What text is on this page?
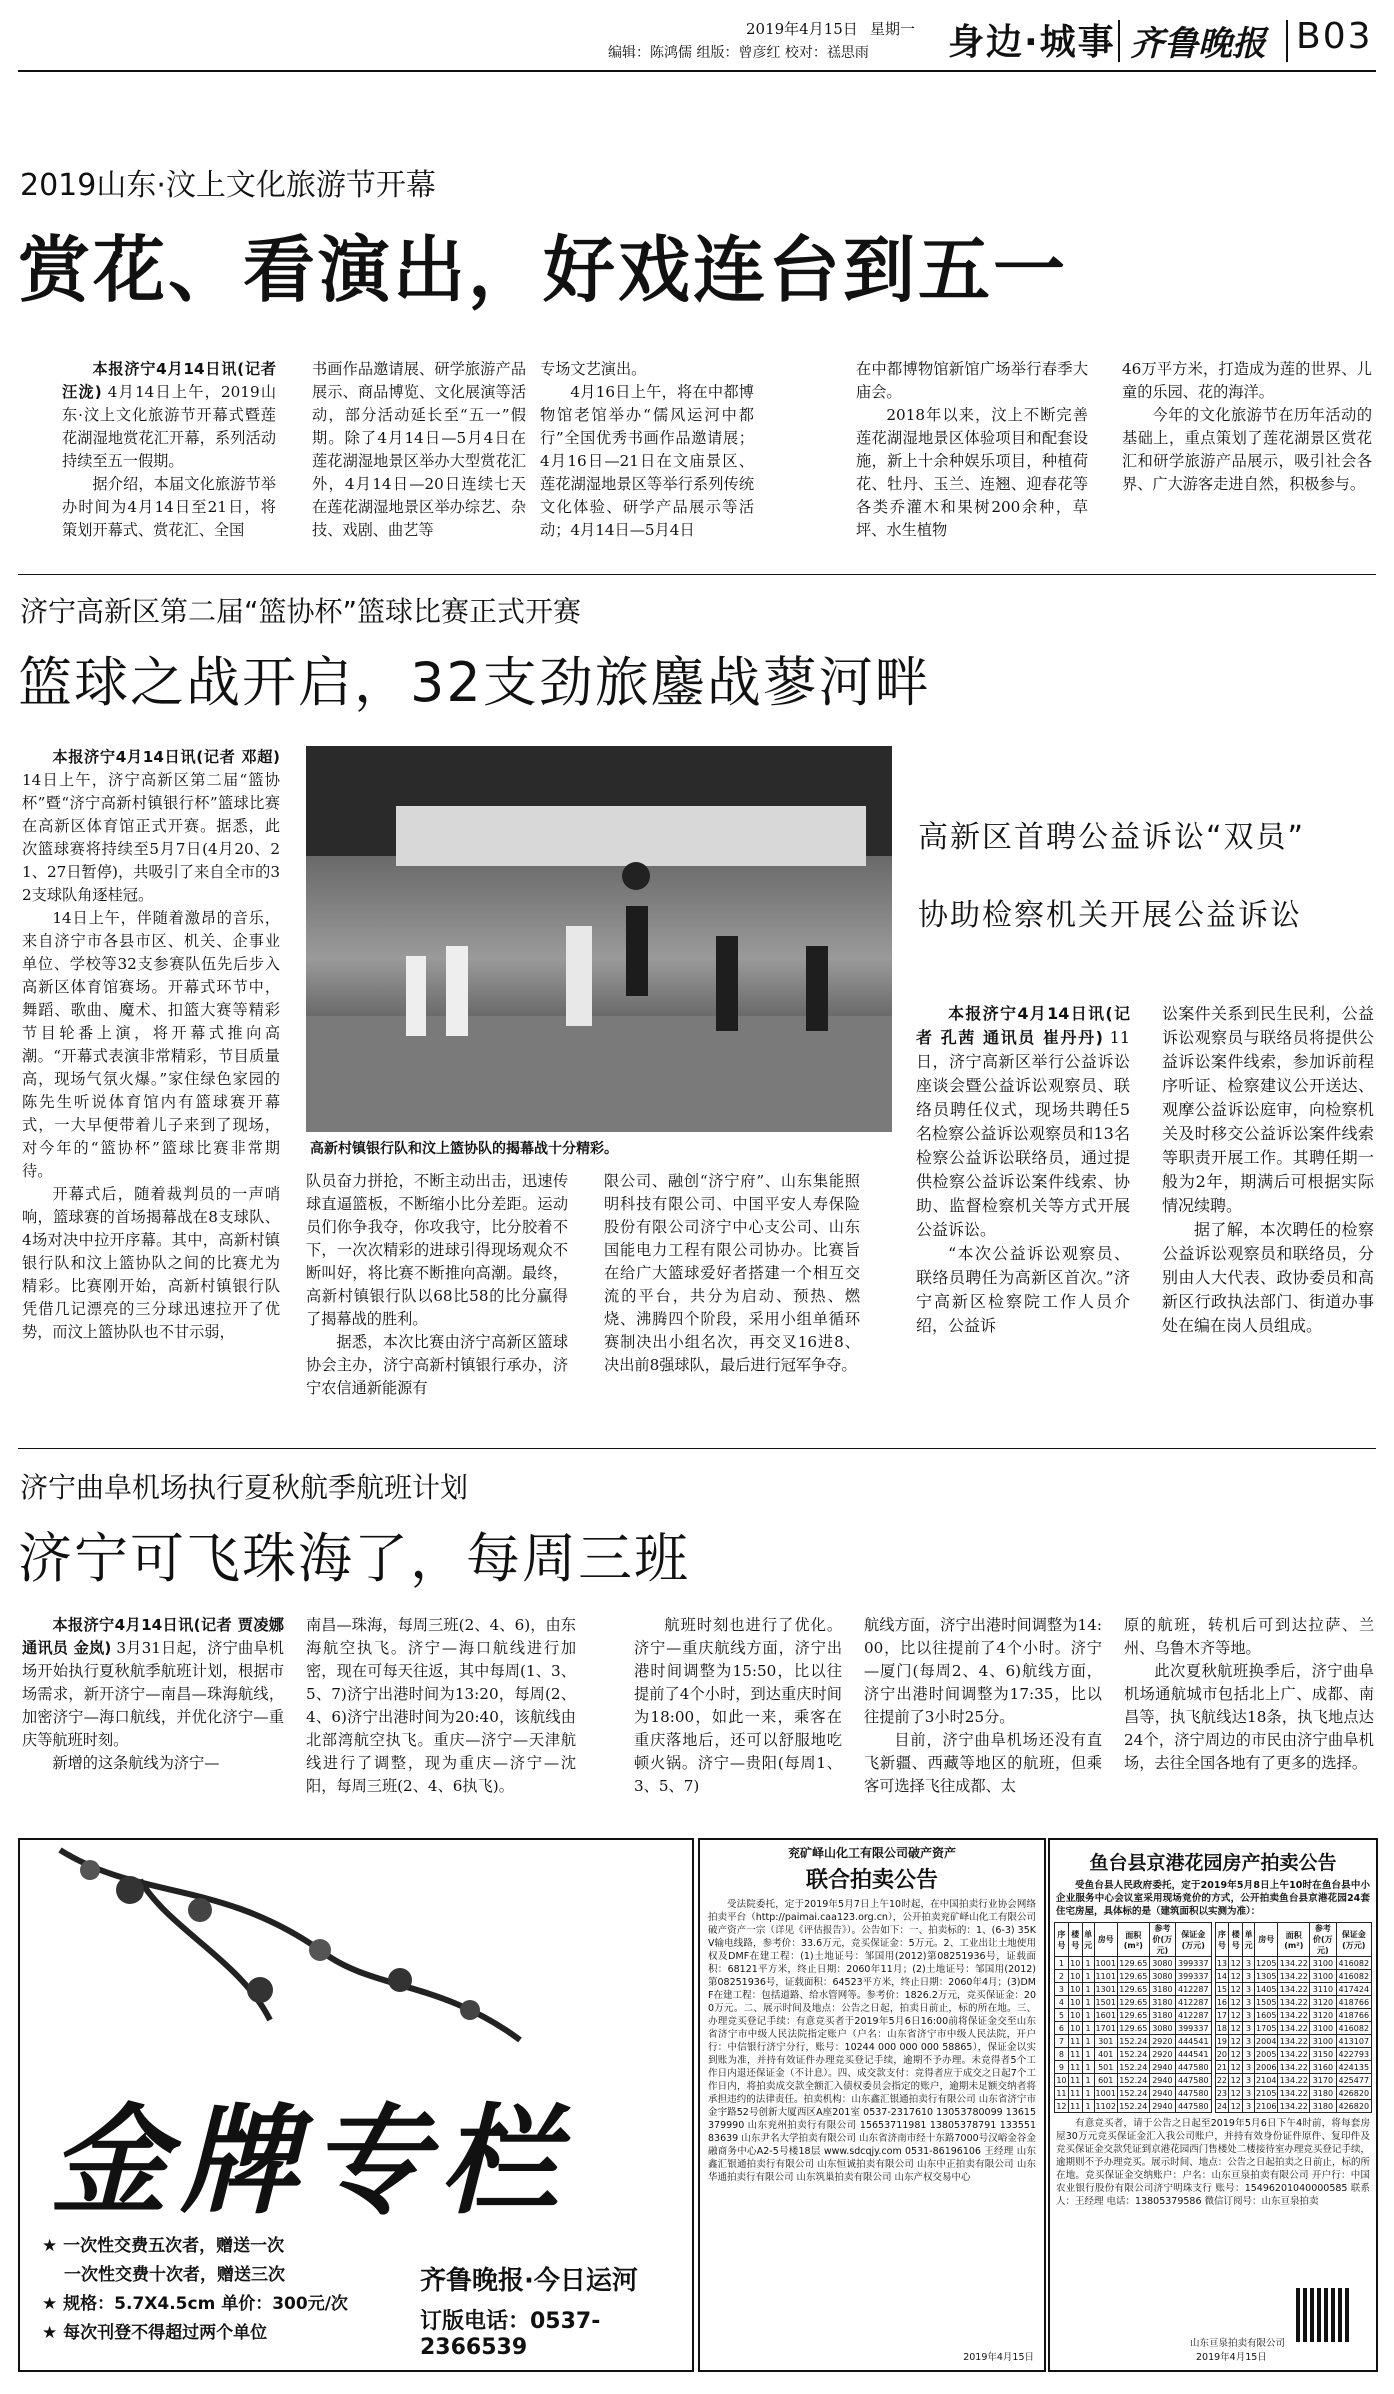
2019年4月15日 星期一
编辑：陈鸿儒 组版：曾彦红 校对：禚思雨 身边·城事 齐鲁晚报 B03
2019山东·汶上文化旅游节开幕
赏花、看演出，好戏连台到五一

本报济宁4月14日讯(记者 汪泷) 4月14日上午，2019山东·汶上文化旅游节开幕式暨莲花湖湿地赏花汇开幕，系列活动持续至五一假期。

据介绍，本届文化旅游节举办时间为4月14日至21日，将策划开幕式、赏花汇、全国

书画作品邀请展、研学旅游产品展示、商品博览、文化展演等活动，部分活动延长至“五一”假期。除了4月14日—5月4日在莲花湖湿地景区举办大型赏花汇外，4月14日—20日连续七天在莲花湖湿地景区举办综艺、杂技、戏剧、曲艺等

专场文艺演出。

4月16日上午，将在中都博物馆老馆举办“儒风运河中都行”全国优秀书画作品邀请展；4月16日—21日在文庙景区、莲花湖湿地景区等举行系列传统文化体验、研学产品展示等活动；4月14日—5月4日

在中都博物馆新馆广场举行春季大庙会。

2018年以来，汶上不断完善莲花湖湿地景区体验项目和配套设施，新上十余种娱乐项目，种植荷花、牡丹、玉兰、连翘、迎春花等各类乔灌木和果树200余种，草坪、水生植物

46万平方米，打造成为莲的世界、儿童的乐园、花的海洋。

今年的文化旅游节在历年活动的基础上，重点策划了莲花湖景区赏花汇和研学旅游产品展示，吸引社会各界、广大游客走进自然，积极参与。

济宁高新区第二届“篮协杯”篮球比赛正式开赛
篮球之战开启，32支劲旅鏖战蓼河畔

本报济宁4月14日讯(记者 邓超) 14日上午，济宁高新区第二届“篮协杯”暨“济宁高新村镇银行杯”篮球比赛在高新区体育馆正式开赛。据悉，此次篮球赛将持续至5月7日(4月20、21、27日暂停)，共吸引了来自全市的32支球队角逐桂冠。

14日上午，伴随着激昂的音乐，来自济宁市各县市区、机关、企事业单位、学校等32支参赛队伍先后步入高新区体育馆赛场。开幕式环节中，舞蹈、歌曲、魔术、扣篮大赛等精彩节目轮番上演，将开幕式推向高潮。“开幕式表演非常精彩，节目质量高，现场气氛火爆。”家住绿色家园的陈先生听说体育馆内有篮球赛开幕式，一大早便带着儿子来到了现场，对今年的“篮协杯”篮球比赛非常期待。

开幕式后，随着裁判员的一声哨响，篮球赛的首场揭幕战在8支球队、4场对决中拉开序幕。其中，高新村镇银行队和汶上篮协队之间的比赛尤为精彩。比赛刚开始，高新村镇银行队凭借几记漂亮的三分球迅速拉开了优势，而汶上篮协队也不甘示弱，

高新村镇银行队和汶上篮协队的揭幕战十分精彩。

队员奋力拼抢，不断主动出击，迅速传球直逼篮板，不断缩小比分差距。运动员们你争我夺，你攻我守，比分胶着不下，一次次精彩的进球引得现场观众不断叫好，将比赛不断推向高潮。最终，高新村镇银行队以68比58的比分赢得了揭幕战的胜利。

据悉，本次比赛由济宁高新区篮球协会主办，济宁高新村镇银行承办，济宁农信通新能源有

限公司、融创“济宁府”、山东集能照明科技有限公司、中国平安人寿保险股份有限公司济宁中心支公司、山东国能电力工程有限公司协办。比赛旨在给广大篮球爱好者搭建一个相互交流的平台，共分为启动、预热、燃烧、沸腾四个阶段，采用小组单循环赛制决出小组名次，再交叉16进8、决出前8强球队，最后进行冠军争夺。

高新区首聘公益诉讼“双员”
协助检察机关开展公益诉讼

本报济宁4月14日讯(记者 孔茜 通讯员 崔丹丹) 11日，济宁高新区举行公益诉讼座谈会暨公益诉讼观察员、联络员聘任仪式，现场共聘任5名检察公益诉讼观察员和13名检察公益诉讼联络员，通过提供检察公益诉讼案件线索、协助、监督检察机关等方式开展公益诉讼。

“本次公益诉讼观察员、联络员聘任为高新区首次。”济宁高新区检察院工作人员介绍，公益诉

讼案件关系到民生民利，公益诉讼观察员与联络员将提供公益诉讼案件线索，参加诉前程序听证、检察建议公开送达、观摩公益诉讼庭审，向检察机关及时移交公益诉讼案件线索等职责开展工作。其聘任期一般为2年，期满后可根据实际情况续聘。

据了解，本次聘任的检察公益诉讼观察员和联络员，分别由人大代表、政协委员和高新区行政执法部门、街道办事处在编在岗人员组成。

济宁曲阜机场执行夏秋航季航班计划
济宁可飞珠海了，每周三班

本报济宁4月14日讯(记者 贾凌娜 通讯员 金岚) 3月31日起，济宁曲阜机场开始执行夏秋航季航班计划，根据市场需求，新开济宁—南昌—珠海航线，加密济宁—海口航线，并优化济宁—重庆等航班时刻。

新增的这条航线为济宁—

南昌—珠海，每周三班(2、4、6)，由东海航空执飞。济宁—海口航线进行加密，现在可每天往返，其中每周(1、3、5、7)济宁出港时间为13:20，每周(2、4、6)济宁出港时间为20:40，该航线由北部湾航空执飞。重庆—济宁—天津航线进行了调整，现为重庆—济宁—沈阳，每周三班(2、4、6执飞)。

航班时刻也进行了优化。济宁—重庆航线方面，济宁出港时间调整为15:50，比以往提前了4个小时，到达重庆时间为18:00，如此一来，乘客在重庆落地后，还可以舒服地吃顿火锅。济宁—贵阳(每周1、3、5、7)

航线方面，济宁出港时间调整为14:00，比以往提前了4个小时。济宁—厦门(每周2、4、6)航线方面，济宁出港时间调整为17:35，比以往提前了3小时25分。

目前，济宁曲阜机场还没有直飞新疆、西藏等地区的航班，但乘客可选择飞往成都、太

原的航班，转机后可到达拉萨、兰州、乌鲁木齐等地。

此次夏秋航班换季后，济宁曲阜机场通航城市包括北上广、成都、南昌等，执飞航线达18条，执飞地点达24个，济宁周边的市民由济宁曲阜机场，去往全国各地有了更多的选择。

金牌专栏
★ 一次性交费五次者，赠送一次
一次性交费十次者，赠送三次
★ 规格：5.7X4.5cm 单价：300元/次
★ 每次刊登不得超过两个单位
齐鲁晚报·今日运河
订版电话：0537-2366539
兖矿峄山化工有限公司破产资产
联合拍卖公告
受法院委托，定于2019年5月7日上午10时起，在中国拍卖行业协会网络拍卖平台（http://paimai.caa123.org.cn），公开拍卖兖矿峄山化工有限公司破产资产一宗（详见《评估报告》）。公告如下：一、拍卖标的：1、(6-3) 35KV输电线路，参考价：33.6万元，竞买保证金：5万元。2、工业出让土地使用权及DMF在建工程：(1)土地证号：邹国用(2012)第08251936号，证载面积：68121平方米，终止日期：2060年11月；(2)土地证号：邹国用(2012)第08251936号，证载面积：64523平方米，终止日期：2060年4月；(3)DMF在建工程：包括道路、给水管网等。参考价：1826.2万元，竞买保证金：200万元。二、展示时间及地点：公告之日起，拍卖日前止，标的所在地。三、办理竞买登记手续：有意竞买者于2019年5月6日16:00前将保证金交至山东省济宁市中级人民法院指定账户（户名：山东省济宁市中级人民法院，开户行：中信银行济宁分行，账号：10244 000 000 000 58865），保证金以实到账为准，并持有效证件办理竞买登记手续，逾期不予办理。未竞得者5个工作日内退还保证金（不计息）。四、成交款支付：竞得者应于成交之日起7个工作日内，将拍卖成交款全额汇入债权委员会指定的账户，逾期未足额交纳者将承担违约的法律责任。拍卖机构：山东鑫汇银通拍卖行有限公司 山东省济宁市金宇路52号创新大厦西区A座201室 0537-2317610 13053780099 13615379990 山东兖州拍卖行有限公司 15653711981 13805378791 13355183639 山东尹名大学拍卖有限公司 山东省济南市经十东路7000号汉峪金谷金融商务中心A2-5号楼18层 www.sdcqjy.com 0531-86196106 王经理 山东鑫汇银通拍卖行有限公司 山东恒诚拍卖有限公司 山东中正拍卖有限公司 山东华通拍卖行有限公司 山东筑巢拍卖有限公司 山东产权交易中心
2019年4月15日
鱼台县京港花园房产拍卖公告
受鱼台县人民政府委托，定于2019年5月8日上午10时在鱼台县中小企业服务中心会议室采用现场竞价的方式，公开拍卖鱼台县京港花园24套住宅房屋，具体标的是（建筑面积以实测为准）：
序号	楼号	单元	房号	面积(m²)	参考价(万元)	保证金(万元)
1	10	1	1001	129.65	3080	399337
2	10	1	1101	129.65	3080	399337
3	10	1	1301	129.65	3180	412287
4	10	1	1501	129.65	3180	412287
5	10	1	1601	129.65	3180	412287
6	10	1	1701	129.65	3080	399337
7	11	1	301	152.24	2920	444541
8	11	1	401	152.24	2920	444541
9	11	1	501	152.24	2940	447580
10	11	1	601	152.24	2940	447580
11	11	1	1001	152.24	2940	447580
12	11	1	1102	152.24	2940	447580
序号	楼号	单元	房号	面积(m²)	参考价(万元)	保证金(万元)
13	12	3	1205	134.22	3100	416082
14	12	3	1305	134.22	3100	416082
15	12	3	1405	134.22	3110	417424
16	12	3	1505	134.22	3120	418766
17	12	3	1605	134.22	3120	418766
18	12	3	1705	134.22	3100	416082
19	12	3	2004	134.22	3100	413107
20	12	3	2005	134.22	3150	422793
21	12	3	2006	134.22	3160	424135
22	12	3	2104	134.22	3170	425477
23	12	3	2105	134.22	3180	426820
24	12	3	2106	134.22	3180	426820
有意竞买者，请于公告之日起至2019年5月6日下午4时前，将每套房屋30万元竞买保证金汇入我公司账户，并持有效身份证件原件、复印件及竞买保证金交款凭证到京港花园西门售楼处二楼接待室办理竞买登记手续，逾期则不予办理竞买。展示时间、地点：公告之日起拍卖之日前止，标的所在地。竞买保证金交纳账户：户名：山东亘泉拍卖有限公司 开户行：中国农业银行股份有限公司济宁明珠支行 账号：15496201040000585 联系人：王经理 电话：13805379586 微信订阅号：山东亘泉拍卖
山东亘泉拍卖有限公司
2019年4月15日
